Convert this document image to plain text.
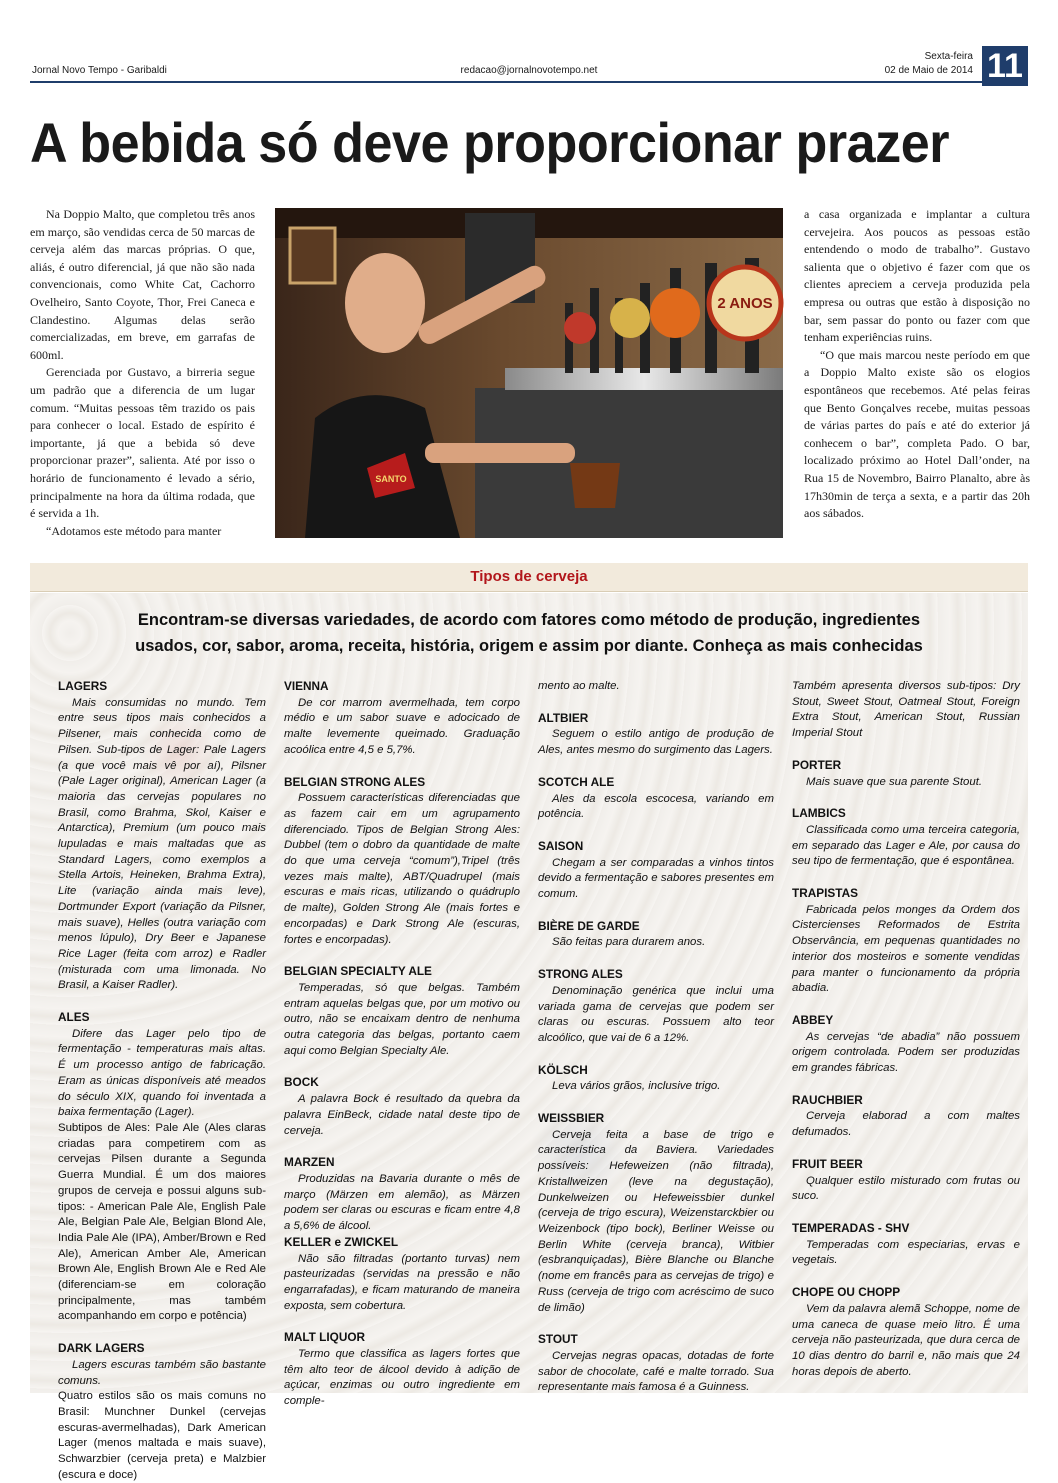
Jornal Novo Tempo - Garibaldi	redacao@jornalnovotempo.net
Sexta-feira
02 de Maio de 2014 11
A bebida só deve proporcionar prazer

Na Doppio Malto, que completou três anos em março, são vendidas cerca de 50 marcas de cerveja além das marcas próprias. O que, aliás, é outro diferencial, já que não são nada convencionais, como White Cat, Cachorro Ovelheiro, Santo Coyote, Thor, Frei Caneca e Clandestino. Algumas delas serão comercializadas, em breve, em garrafas de 600ml.

Gerenciada por Gustavo, a birreria segue um padrão que a diferencia de um lugar comum. “Muitas pessoas têm trazido os pais para conhecer o local. Estado de espírito é importante, já que a bebida só deve proporcionar prazer”, salienta. Até por isso o horário de funcionamento é levado a sério, principalmente na hora da última rodada, que é servida a 1h.

“Adotamos este método para manter

2 ANOS
SANTO

a casa organizada e implantar a cultura cervejeira. Aos poucos as pessoas estão entendendo o modo de trabalho”. Gustavo salienta que o objetivo é fazer com que os clientes apreciem a cerveja produzida pela empresa ou outras que estão à disposição no bar, sem passar do ponto ou fazer com que tenham experiências ruins.

“O que mais marcou neste período em que a Doppio Malto existe são os elogios espontâneos que recebemos. Até pelas feiras que Bento Gonçalves recebe, muitas pessoas de várias partes do país e até do exterior já conhecem o bar”, completa Pado. O bar, localizado próximo ao Hotel Dall’onder, na Rua 15 de Novembro, Bairro Planalto, abre às 17h30min de terça a sexta, e a partir das 20h aos sábados.

Tipos de cerveja
Encontram-se diversas variedades, de acordo com fatores como método de produção, ingredientes
usados, cor, sabor, aroma, receita, história, origem e assim por diante. Conheça as mais conhecidas
LAGERS

Mais consumidas no mundo. Tem entre seus tipos mais conhecidos a Pilsener, mais conhecida como de Pilsen. Sub-tipos de Lager: Pale Lagers (a que você mais vê por aí), Pilsner (Pale Lager original), American Lager (a maioria das cervejas populares no Brasil, como Brahma, Skol, Kaiser e Antarctica), Premium (um pouco mais lupuladas e mais maltadas que as Standard Lagers, como exemplos a Stella Artois, Heineken, Brahma Extra), Lite (variação ainda mais leve), Dortmunder Export (variação da Pilsner, mais suave), Helles (outra variação com menos lúpulo), Dry Beer e Japanese Rice Lager (feita com arroz) e Radler (misturada com uma limonada. No Brasil, a Kaiser Radler).

ALES

Difere das Lager pelo tipo de fermentação - temperaturas mais altas. É um processo antigo de fabricação. Eram as únicas disponíveis até meados do século XIX, quando foi inventada a baixa fermentação (Lager).

Subtipos de Ales: Pale Ale (Ales claras criadas para competirem com as cervejas Pilsen durante a Segunda Guerra Mundial. É um dos maiores grupos de cerveja e possui alguns sub-tipos: - American Pale Ale, English Pale Ale, Belgian Pale Ale, Belgian Blond Ale, India Pale Ale (IPA), Amber/Brown e Red Ale), American Amber Ale, American Brown Ale, English Brown Ale e Red Ale (diferenciam-se em coloração principalmente, mas também acompanhando em corpo e potência)

DARK LAGERS

Lagers escuras também são bastante comuns.

Quatro estilos são os mais comuns no Brasil: Munchner Dunkel (cervejas escuras-avermelhadas), Dark American Lager (menos maltada e mais suave), Schwarzbier (cerveja preta) e Malzbier (escura e doce)

VIENNA

De cor marrom avermelhada, tem corpo médio e um sabor suave e adocicado de malte levemente queimado. Graduação acoólica entre 4,5 e 5,7%.

BELGIAN STRONG ALES

Possuem características diferenciadas que as fazem cair em um agrupamento diferenciado. Tipos de Belgian Strong Ales: Dubbel (tem o dobro da quantidade de malte do que uma cerveja “comum”),Tripel (três vezes mais malte), ABT/Quadrupel (mais escuras e mais ricas, utilizando o quádruplo de malte), Golden Strong Ale (mais fortes e encorpadas) e Dark Strong Ale (escuras, fortes e encorpadas).

BELGIAN SPECIALTY ALE

Temperadas, só que belgas. Também entram aquelas belgas que, por um motivo ou outro, não se encaixam dentro de nenhuma outra categoria das belgas, portanto caem aqui como Belgian Specialty Ale.

BOCK

A palavra Bock é resultado da quebra da palavra EinBeck, cidade natal deste tipo de cerveja.

MARZEN

Produzidas na Bavaria durante o mês de março (Märzen em alemão), as Märzen podem ser claras ou escuras e ficam entre 4,8 a 5,6% de álcool.

KELLER e ZWICKEL

Não são filtradas (portanto turvas) nem pasteurizadas (servidas na pressão e não engarrafadas), e ficam maturando de maneira exposta, sem cobertura.

MALT LIQUOR

Termo que classifica as lagers fortes que têm alto teor de álcool devido à adição de açúcar, enzimas ou outro ingrediente em comple-

mento ao malte.

ALTBIER

Seguem o estilo antigo de produção de Ales, antes mesmo do surgimento das Lagers.

SCOTCH ALE

Ales da escola escocesa, variando em potência.

SAISON

Chegam a ser comparadas a vinhos tintos devido a fermentação e sabores presentes em comum.

BIÈRE DE GARDE

São feitas para durarem anos.

STRONG ALES

Denominação genérica que inclui uma variada gama de cervejas que podem ser claras ou escuras. Possuem alto teor alcoólico, que vai de 6 a 12%.

KÖLSCH

Leva vários grãos, inclusive trigo.

WEISSBIER

Cerveja feita a base de trigo e característica da Baviera. Variedades possíveis: Hefeweizen (não filtrada), Kristallweizen (leve na degustação), Dunkelweizen ou Hefeweissbier dunkel (cerveja de trigo escura), Weizenstarckbier ou Weizenbock (tipo bock), Berliner Weisse ou Berlin White (cerveja branca), Witbier (esbranquiçadas), Bière Blanche ou Blanche (nome em francês para as cervejas de trigo) e Russ (cerveja de trigo com acréscimo de suco de limão)

STOUT

Cervejas negras opacas, dotadas de forte sabor de chocolate, café e malte torrado. Sua representante mais famosa é a Guinness.

Também apresenta diversos sub-tipos: Dry Stout, Sweet Stout, Oatmeal Stout, Foreign Extra Stout, American Stout, Russian Imperial Stout

PORTER

Mais suave que sua parente Stout.

LAMBICS

Classificada como uma terceira categoria, em separado das Lager e Ale, por causa do seu tipo de fermentação, que é espontânea.

TRAPISTAS

Fabricada pelos monges da Ordem dos Cistercienses Reformados de Estrita Observância, em pequenas quantidades no interior dos mosteiros e somente vendidas para manter o funcionamento da própria abadia.

ABBEY

As cervejas “de abadia” não possuem origem controlada. Podem ser produzidas em grandes fábricas.

RAUCHBIER

Cerveja elaborad a com maltes defumados.

FRUIT BEER

Qualquer estilo misturado com frutas ou suco.

TEMPERADAS - SHV

Temperadas com especiarias, ervas e vegetais.

CHOPE OU CHOPP

Vem da palavra alemã Schoppe, nome de uma caneca de quase meio litro. É uma cerveja não pasteurizada, que dura cerca de 10 dias dentro do barril e, não mais que 24 horas depois de aberto.
